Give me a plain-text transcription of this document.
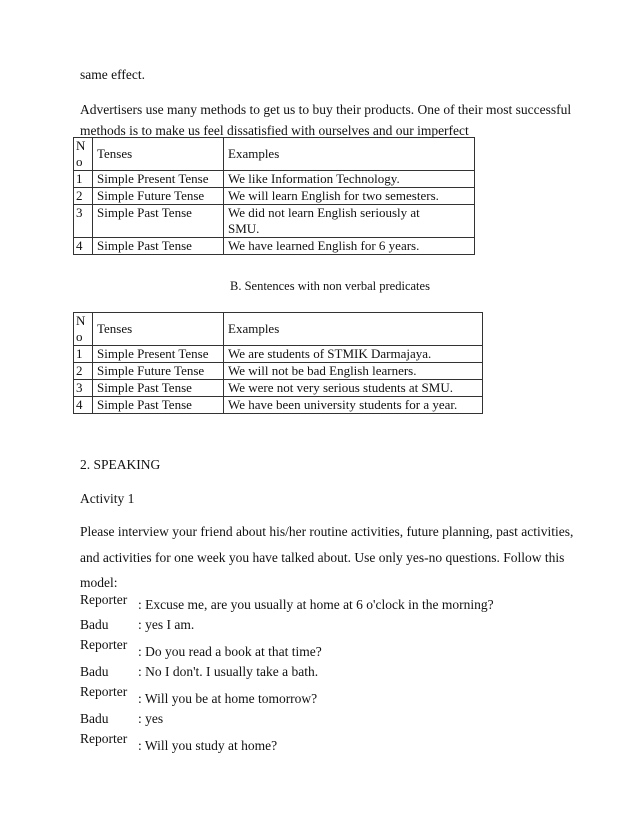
same effect.

Advertisers use many methods to get us to buy their products. One of their most successful

methods is to make us feel dissatisfied with ourselves and our imperfect

N o	Tenses	Examples
1	Simple Present Tense	We like Information Technology.
2	Simple Future Tense	We will learn English for two semesters.
3	Simple Past Tense	We did not learn English seriously at SMU.
4	Simple Past Tense	We have learned English for 6 years.

B. Sentences with non verbal predicates

N o	Tenses	Examples
1	Simple Present Tense	We are students of STMIK Darmajaya.
2	Simple Future Tense	We will not be bad English learners.
3	Simple Past Tense	We were not very serious students at SMU.
4	Simple Past Tense	We have been university students for a year.

2. SPEAKING

Activity 1

Please interview your friend about his/her routine activities, future planning, past activities,

and activities for one week you have talked about. Use only yes-no questions. Follow this

model:

Reporter	: Excuse me, are you usually at home at 6 o'clock in the morning?
Badu	: yes I am.
Reporter	: Do you read a book at that time?
Badu	: No I don't. I usually take a bath.
Reporter	: Will you be at home tomorrow?
Badu	: yes
Reporter	: Will you study at home?
